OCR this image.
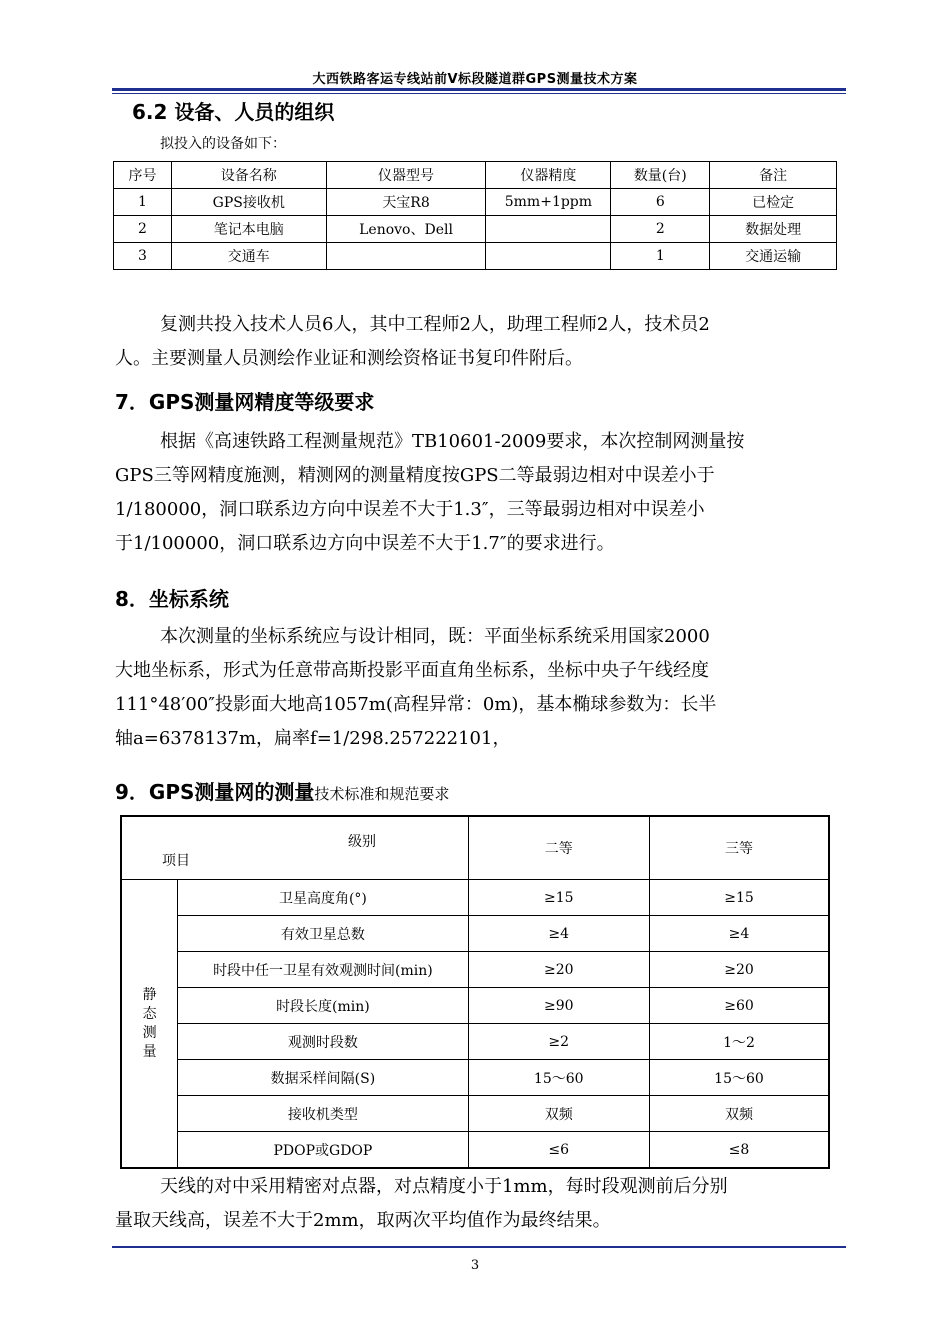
大西铁路客运专线站前Ⅴ标段隧道群GPS测量技术方案
6.2 设备、人员的组织
拟投入的设备如下：
序号	设备名称	仪器型号	仪器精度	数量(台)	备注
1	GPS接收机	天宝R8	5mm+1ppm	6	已检定
2	笔记本电脑	Lenovo、Dell		2	数据处理
3	交通车			1	交通运输

复测共投入技术人员6人，其中工程师2人，助理工程师2人，技术员2
人。主要测量人员测绘作业证和测绘资格证书复印件附后。

7．GPS测量网精度等级要求

根据《高速铁路工程测量规范》TB10601-2009要求，本次控制网测量按
GPS三等网精度施测，精测网的测量精度按GPS二等最弱边相对中误差小于
1/180000，洞口联系边方向中误差不大于1.3″，三等最弱边相对中误差小
于1/100000，洞口联系边方向中误差不大于1.7″的要求进行。

8．坐标系统

本次测量的坐标系统应与设计相同，既：平面坐标系统采用国家2000
大地坐标系，形式为任意带高斯投影平面直角坐标系，坐标中央子午线经度
111°48′00″投影面大地高1057m(高程异常：0m)，基本椭球参数为：长半
轴a=6378137m，扁率f=1/298.257222101，

9．GPS测量网的测量技术标准和规范要求
级别
项目		二等	三等
静
态
测
量	卫星高度角(°)	≥15	≥15
	有效卫星总数	≥4	≥4
	时段中任一卫星有效观测时间(min)	≥20	≥20
	时段长度(min)	≥90	≥60
	观测时段数	≥2	1～2
	数据采样间隔(S)	15～60	15～60
	接收机类型	双频	双频
	PDOP或GDOP	≤6	≤8

天线的对中采用精密对点器，对点精度小于1mm，每时段观测前后分别
量取天线高，误差不大于2mm，取两次平均值作为最终结果。

3
